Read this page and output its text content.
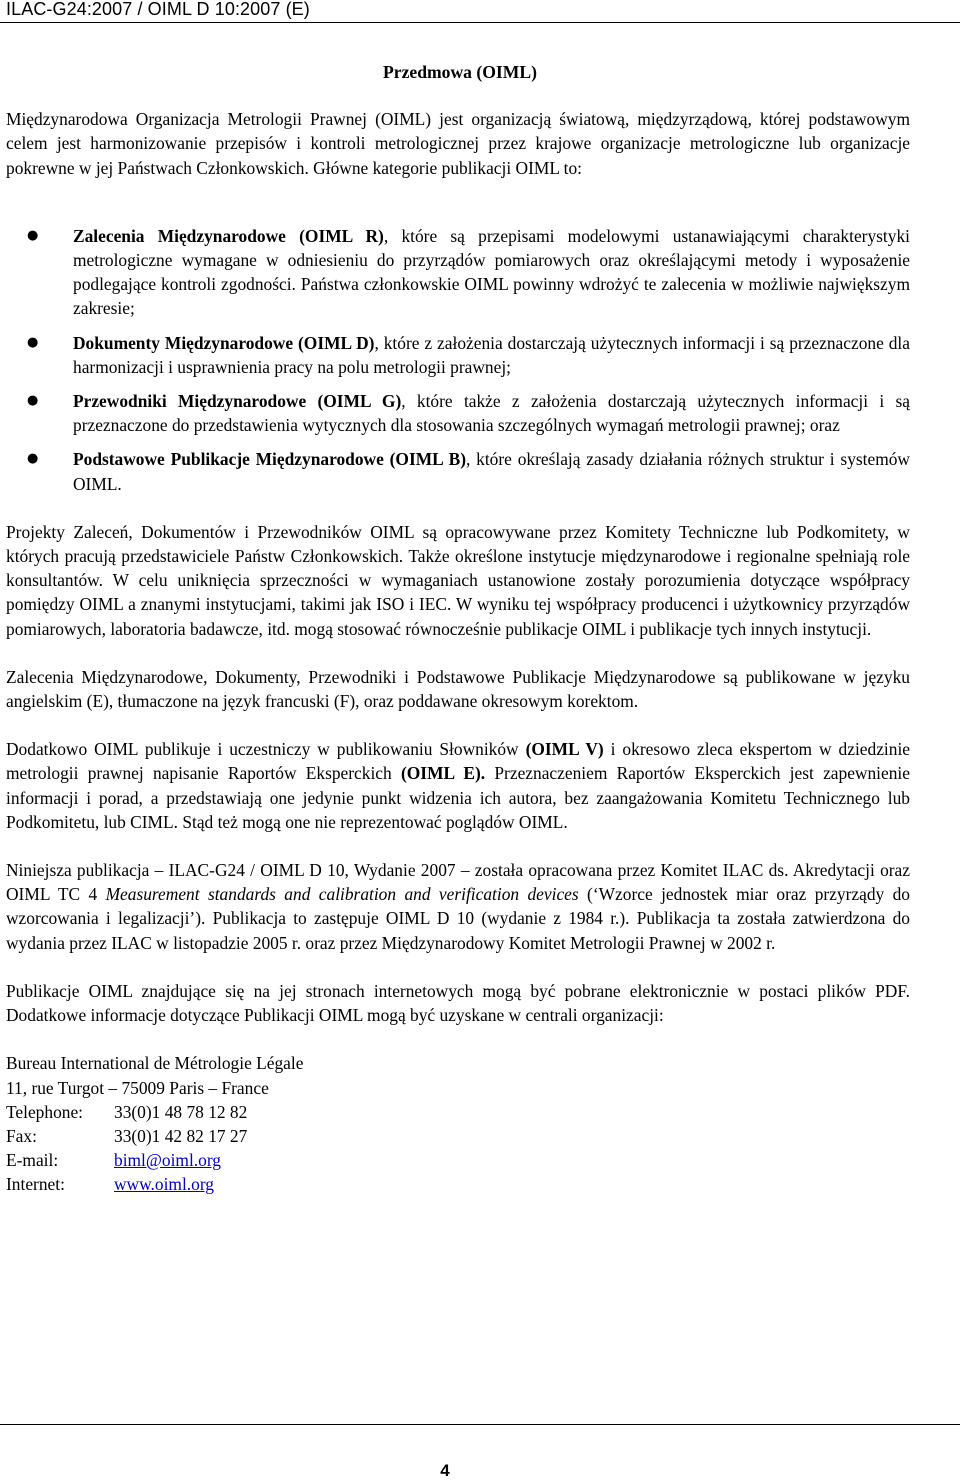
ILAC-G24:2007 / OIML D 10:2007 (E)
Przedmowa (OIML)

Międzynarodowa Organizacja Metrologii Prawnej (OIML) jest organizacją światową, międzyrządową, której podstawowym celem jest harmonizowanie przepisów i kontroli metrologicznej przez krajowe organizacje metrologiczne lub organizacje pokrewne w jej Państwach Członkowskich. Główne kategorie publikacji OIML to:

● Zalecenia Międzynarodowe (OIML R), które są przepisami modelowymi ustanawiającymi charakterystyki metrologiczne wymagane w odniesieniu do przyrządów pomiarowych oraz określającymi metody i wyposażenie podlegające kontroli zgodności. Państwa członkowskie OIML powinny wdrożyć te zalecenia w możliwie największym zakresie;
● Dokumenty Międzynarodowe (OIML D), które z założenia dostarczają użytecznych informacji i są przeznaczone dla harmonizacji i usprawnienia pracy na polu metrologii prawnej;
● Przewodniki Międzynarodowe (OIML G), które także z założenia dostarczają użytecznych informacji i są przeznaczone do przedstawienia wytycznych dla stosowania szczególnych wymagań metrologii prawnej; oraz
● Podstawowe Publikacje Międzynarodowe (OIML B), które określają zasady działania różnych struktur i systemów OIML.

Projekty Zaleceń, Dokumentów i Przewodników OIML są opracowywane przez Komitety Techniczne lub Podkomitety, w których pracują przedstawiciele Państw Członkowskich. Także określone instytucje międzynarodowe i regionalne spełniają role konsultantów. W celu uniknięcia sprzeczności w wymaganiach ustanowione zostały porozumienia dotyczące współpracy pomiędzy OIML a znanymi instytucjami, takimi jak ISO i IEC. W wyniku tej współpracy producenci i użytkownicy przyrządów pomiarowych, laboratoria badawcze, itd. mogą stosować równocześnie publikacje OIML i publikacje tych innych instytucji.

Zalecenia Międzynarodowe, Dokumenty, Przewodniki i Podstawowe Publikacje Międzynarodowe są publikowane w języku angielskim (E), tłumaczone na język francuski (F), oraz poddawane okresowym korektom.

Dodatkowo OIML publikuje i uczestniczy w publikowaniu Słowników (OIML V) i okresowo zleca ekspertom w dziedzinie metrologii prawnej napisanie Raportów Eksperckich (OIML E). Przeznaczeniem Raportów Eksperckich jest zapewnienie informacji i porad, a przedstawiają one jedynie punkt widzenia ich autora, bez zaangażowania Komitetu Technicznego lub Podkomitetu, lub CIML. Stąd też mogą one nie reprezentować poglądów OIML.

Niniejsza publikacja – ILAC-G24 / OIML D 10, Wydanie 2007 – została opracowana przez Komitet ILAC ds. Akredytacji oraz OIML TC 4 Measurement standards and calibration and verification devices (‘Wzorce jednostek miar oraz przyrządy do wzorcowania i legalizacji’). Publikacja to zastępuje OIML D 10 (wydanie z 1984 r.). Publikacja ta została zatwierdzona do wydania przez ILAC w listopadzie 2005 r. oraz przez Międzynarodowy Komitet Metrologii Prawnej w 2002 r.

Publikacje OIML znajdujące się na jej stronach internetowych mogą być pobrane elektronicznie w postaci plików PDF. Dodatkowe informacje dotyczące Publikacji OIML mogą być uzyskane w centrali organizacji:

Bureau International de Métrologie Légale
11, rue Turgot – 75009 Paris – France
Telephone: 33(0)1 48 78 12 82
Fax:	33(0)1 42 82 17 27
E-mail:	biml@oiml.org
Internet:	www.oiml.org
4
